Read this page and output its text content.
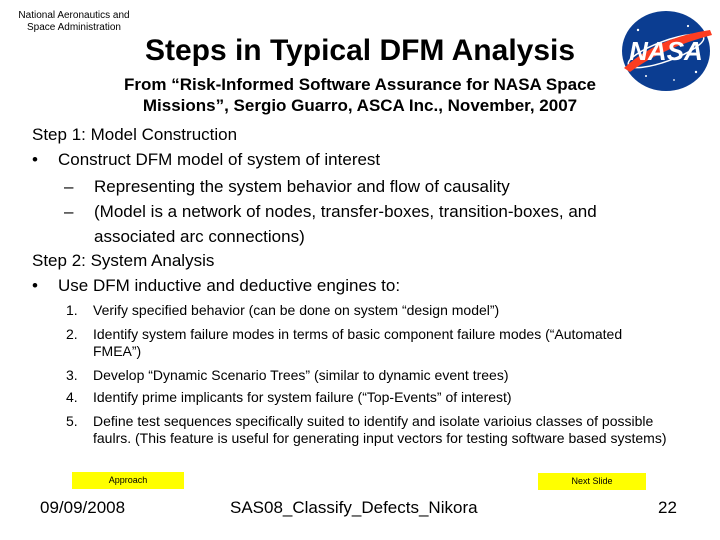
National Aeronautics and
Space Administration
Steps in Typical DFM Analysis
From “Risk-Informed Software Assurance for NASA Space
Missions”, Sergio Guarro, ASCA Inc., November, 2007
NASA
Step 1: Model Construction
• Construct DFM model of system of interest
– Representing the system behavior and flow of causality
– (Model is a network of nodes, transfer-boxes, transition-boxes, and associated arc connections)
Step 2: System Analysis
• Use DFM inductive and deductive engines to:
1. Verify specified behavior (can be done on system “design model”)
2. Identify system failure modes in terms of basic component failure modes (“Automated FMEA”)
3. Develop “Dynamic Scenario Trees” (similar to dynamic event trees)
4. Identify prime implicants for system failure (“Top-Events” of interest)
5. Define test sequences specifically suited to identify and isolate varioius classes of possible faulrs. (This feature is useful for generating input vectors for testing software based systems)
Approach	Next Slide
09/09/2008	SAS08_Classify_Defects_Nikora	22
